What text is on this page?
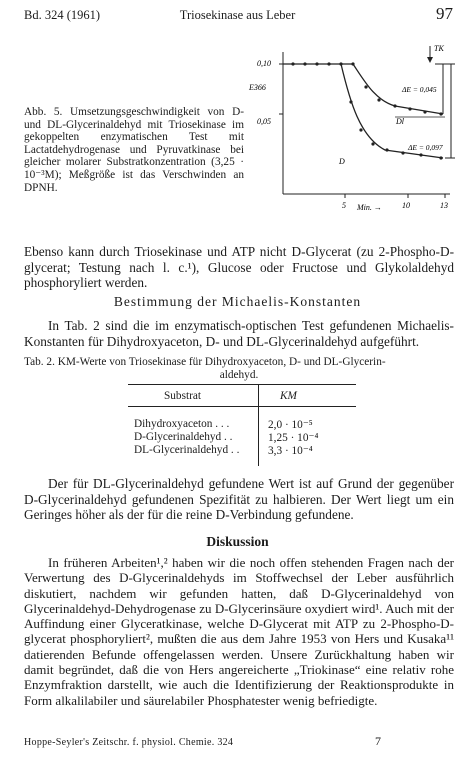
Bd. 324 (1961)	Triosekinase aus Leber	97
Abb. 5. Umsetzungsgeschwindigkeit von D- und DL-Glycerinaldehyd mit Triosekinase im gekoppelten enzymatischen Test mit Lactatdehydrogenase und Pyruvatkinase bei gleicher molarer Substratkonzentration (3,25 · 10⁻³M); Meßgröße ist das Verschwinden an DPNH.
0,10
E366
0,05
TK
ΔE = 0,045
ΔE = 0,097
Dl
D
5	10	13
Min. →
Ebenso kann durch Triosekinase und ATP nicht D-Glycerat (zu 2-Phospho-D-glycerat; Testung nach l. c.¹), Glucose oder Fructose und Glykolaldehyd phosphoryliert werden.
Bestimmung der Michaelis-Konstanten
In Tab. 2 sind die im enzymatisch-optischen Test gefundenen Michaelis-Konstanten für Dihydroxyaceton, D- und DL-Glycerinaldehyd aufgeführt.
Tab. 2. KM-Werte von Triosekinase für Dihydroxyaceton, D- und DL-Glycerin-
aldehyd.
Substrat	KM
Dihydroxyaceton . . .	2,0 · 10⁻⁵
D-Glycerinaldehyd . .	1,25 · 10⁻⁴
DL-Glycerinaldehyd . .	3,3 · 10⁻⁴
Der für DL-Glycerinaldehyd gefundene Wert ist auf Grund der gegenüber D-Glycerinaldehyd gefundenen Spezifität zu halbieren. Der Wert liegt um ein Geringes höher als der für die reine D-Verbindung gefundene.
Diskussion
In früheren Arbeiten¹,² haben wir die noch offen stehenden Fragen nach der Verwertung des D-Glycerinaldehyds im Stoffwechsel der Leber ausführlich diskutiert, nachdem wir gefunden hatten, daß D-Glycerinaldehyd von Glycerinaldehyd-Dehydrogenase zu D-Glycerinsäure oxydiert wird¹. Auch mit der Auffindung einer Glyceratkinase, welche D-Glycerat mit ATP zu 2-Phospho-D-glycerat phosphoryliert², mußten die aus dem Jahre 1953 von Hers und Kusaka¹¹ datierenden Befunde offengelassen werden. Unsere Zurückhaltung haben wir damit begründet, daß die von Hers angereicherte „Triokinase“ eine relativ rohe Enzymfraktion darstellt, wie auch die Identifizierung der Reaktionsprodukte in Form alkalilabiler und säurelabiler Phosphatester wenig befriedigte.
Hoppe-Seyler's Zeitschr. f. physiol. Chemie. 324	7
